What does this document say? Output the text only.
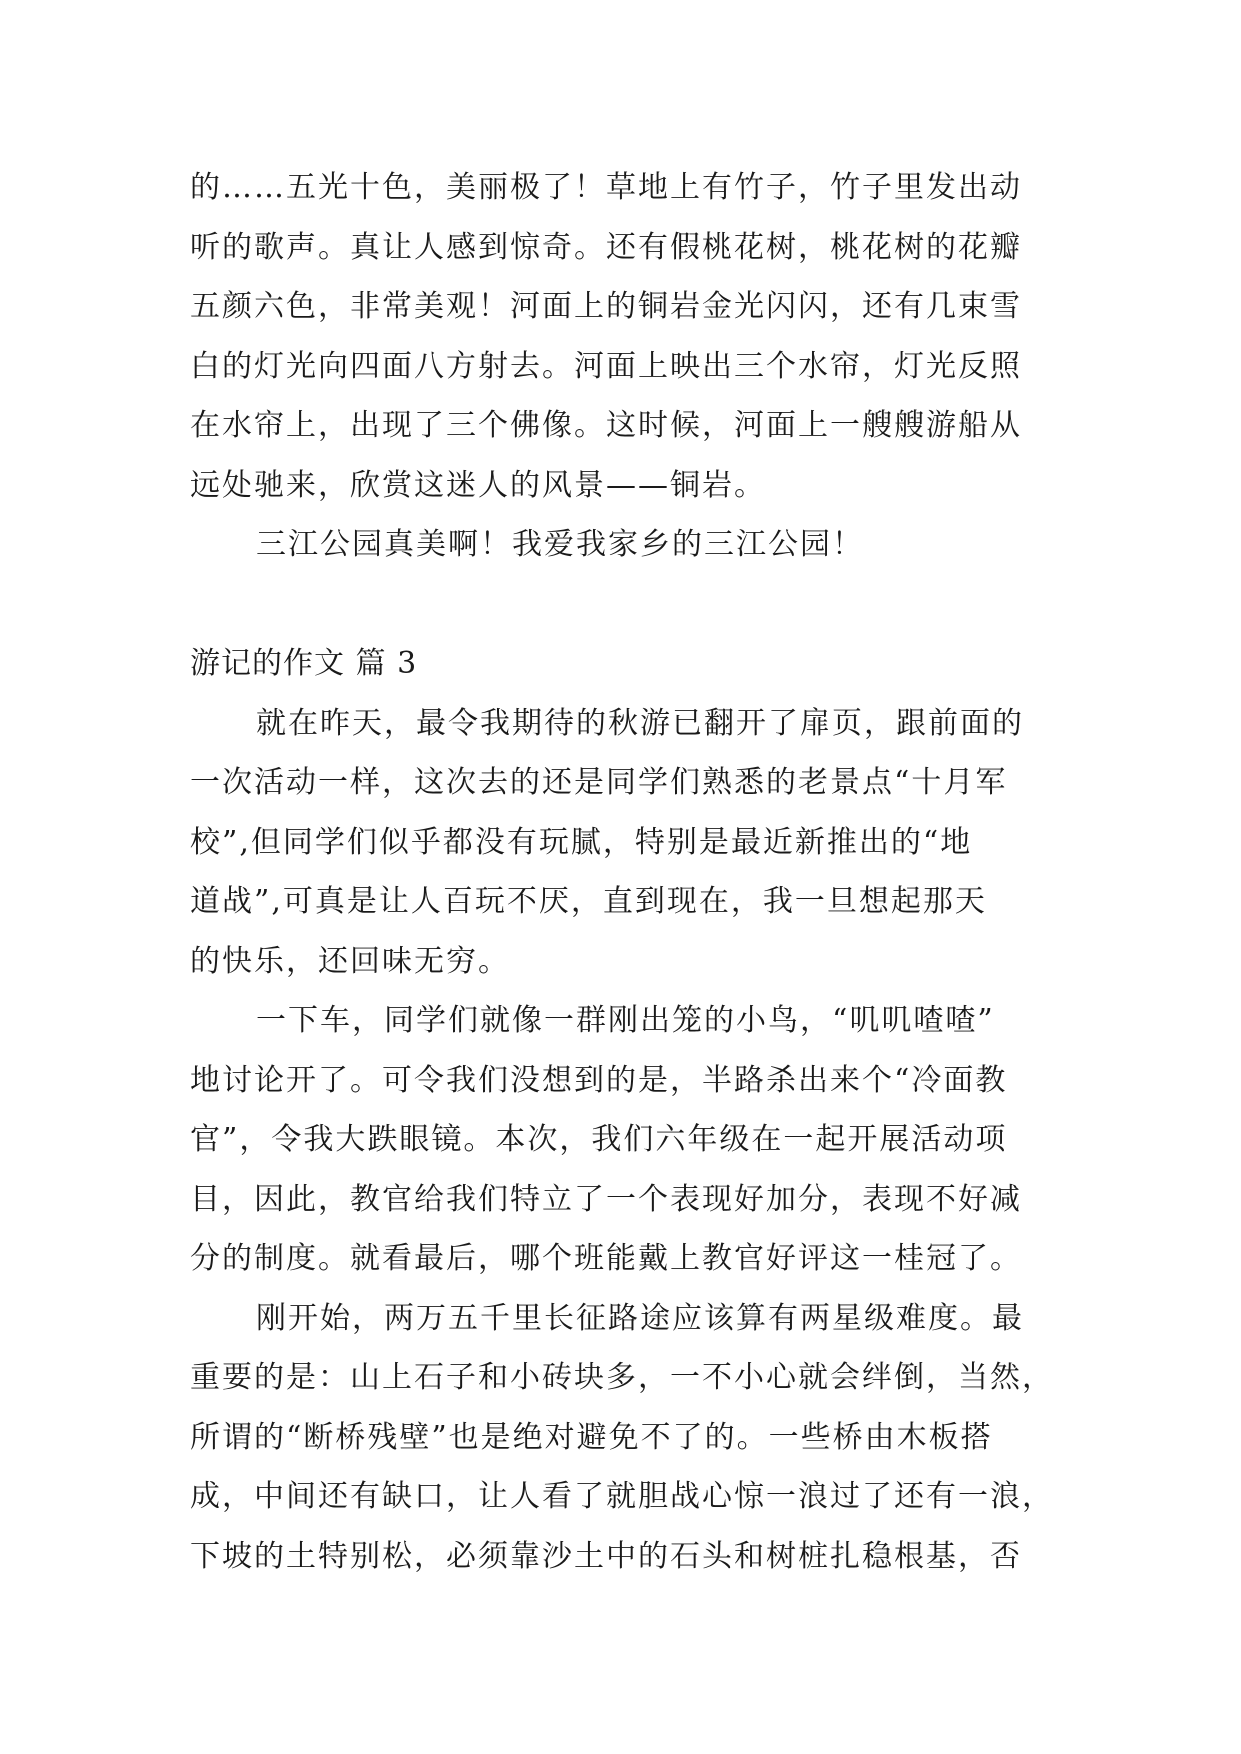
的……五光十色，美丽极了！草地上有竹子，竹子里发出动
听的歌声。真让人感到惊奇。还有假桃花树，桃花树的花瓣
五颜六色，非常美观！河面上的铜岩金光闪闪，还有几束雪
白的灯光向四面八方射去。河面上映出三个水帘，灯光反照
在水帘上，出现了三个佛像。这时候，河面上一艘艘游船从
远处驰来，欣赏这迷人的风景——铜岩。
三江公园真美啊！我爱我家乡的三江公园！
游记的作文 篇 3
就在昨天，最令我期待的秋游已翻开了扉页，跟前面的
一次活动一样，这次去的还是同学们熟悉的老景点“十月军
校”,但同学们似乎都没有玩腻，特别是最近新推出的“地
道战”,可真是让人百玩不厌，直到现在，我一旦想起那天
的快乐，还回味无穷。
一下车，同学们就像一群刚出笼的小鸟，“叽叽喳喳”
地讨论开了。可令我们没想到的是，半路杀出来个“冷面教
官”，令我大跌眼镜。本次，我们六年级在一起开展活动项
目，因此，教官给我们特立了一个表现好加分，表现不好减
分的制度。就看最后，哪个班能戴上教官好评这一桂冠了。
刚开始，两万五千里长征路途应该算有两星级难度。最
重要的是：山上石子和小砖块多，一不小心就会绊倒，当然，
所谓的“断桥残壁”也是绝对避免不了的。一些桥由木板搭
成，中间还有缺口，让人看了就胆战心惊一浪过了还有一浪，
下坡的土特别松，必须靠沙土中的石头和树桩扎稳根基，否
